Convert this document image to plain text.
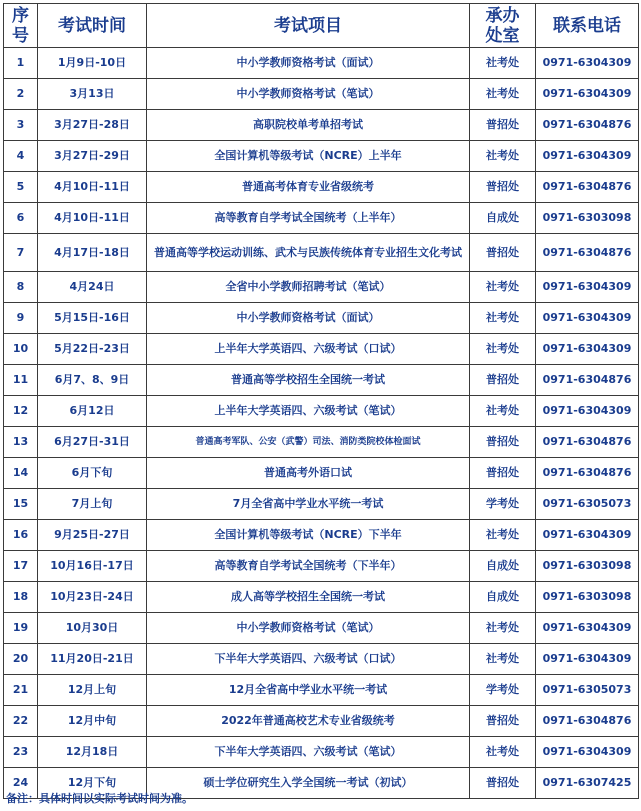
序号	考试时间	考试项目	承办处室	联系电话
1	1月9日-10日	中小学教师资格考试（面试）	社考处	0971-6304309
2	3月13日	中小学教师资格考试（笔试）	社考处	0971-6304309
3	3月27日-28日	高职院校单考单招考试	普招处	0971-6304876
4	3月27日-29日	全国计算机等级考试（NCRE）上半年	社考处	0971-6304309
5	4月10日-11日	普通高考体育专业省级统考	普招处	0971-6304876
6	4月10日-11日	高等教育自学考试全国统考（上半年）	自成处	0971-6303098
7	4月17日-18日	普通高等学校运动训练、武术与民族传统体育专业招生文化考试	普招处	0971-6304876
8	4月24日	全省中小学教师招聘考试（笔试）	社考处	0971-6304309
9	5月15日-16日	中小学教师资格考试（面试）	社考处	0971-6304309
10	5月22日-23日	上半年大学英语四、六级考试（口试）	社考处	0971-6304309
11	6月7、8、9日	普通高等学校招生全国统一考试	普招处	0971-6304876
12	6月12日	上半年大学英语四、六级考试（笔试）	社考处	0971-6304309
13	6月27日-31日	普通高考军队、公安（武警）司法、消防类院校体检面试	普招处	0971-6304876
14	6月下旬	普通高考外语口试	普招处	0971-6304876
15	7月上旬	7月全省高中学业水平统一考试	学考处	0971-6305073
16	9月25日-27日	全国计算机等级考试（NCRE）下半年	社考处	0971-6304309
17	10月16日-17日	高等教育自学考试全国统考（下半年）	自成处	0971-6303098
18	10月23日-24日	成人高等学校招生全国统一考试	自成处	0971-6303098
19	10月30日	中小学教师资格考试（笔试）	社考处	0971-6304309
20	11月20日-21日	下半年大学英语四、六级考试（口试）	社考处	0971-6304309
21	12月上旬	12月全省高中学业水平统一考试	学考处	0971-6305073
22	12月中旬	2022年普通高校艺术专业省级统考	普招处	0971-6304876
23	12月18日	下半年大学英语四、六级考试（笔试）	社考处	0971-6304309
24	12月下旬	硕士学位研究生入学全国统一考试（初试）	普招处	0971-6307425
备注：具体时间以实际考试时间为准。
